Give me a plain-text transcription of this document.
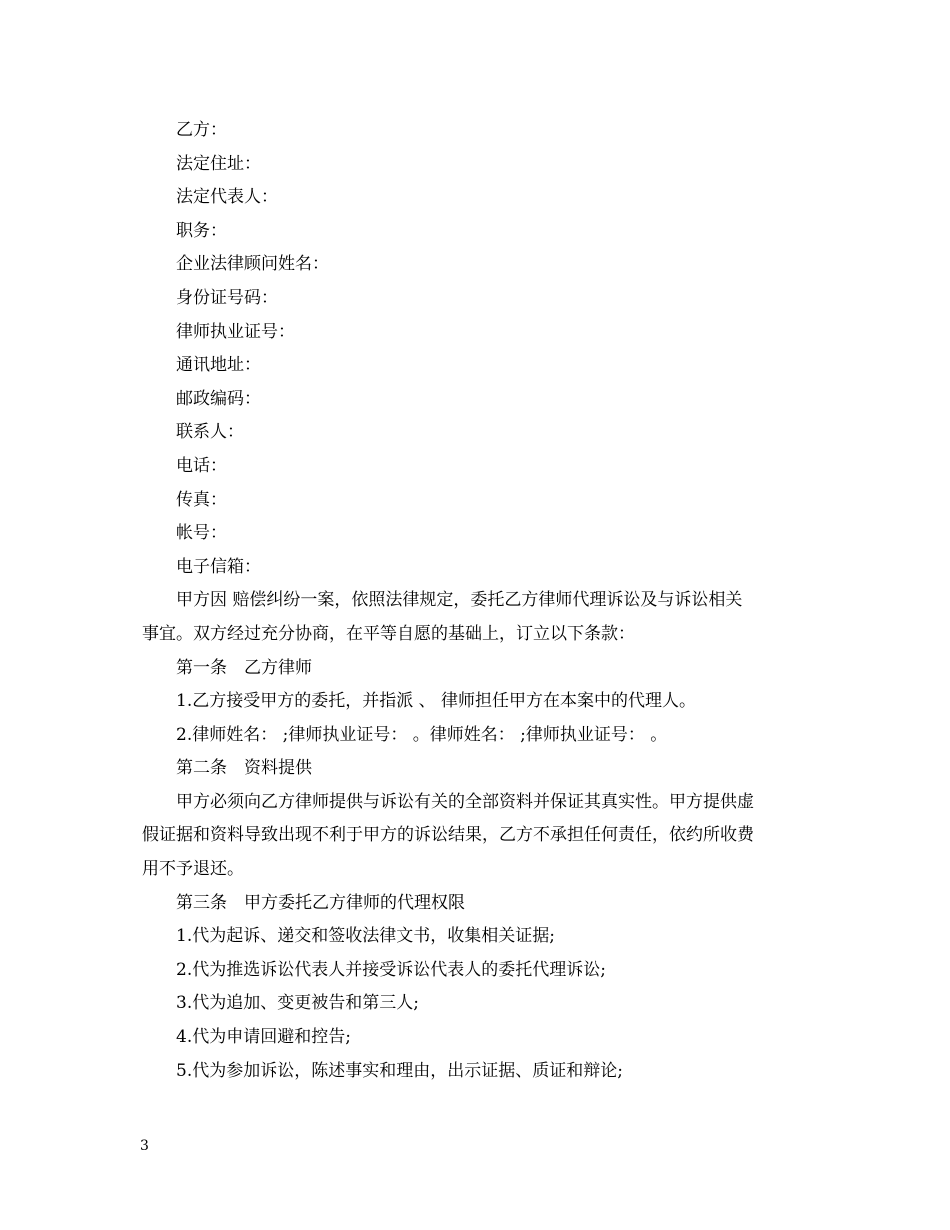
乙方：

法定住址：

法定代表人：

职务：

企业法律顾问姓名：

身份证号码：

律师执业证号：

通讯地址：

邮政编码：

联系人：

电话：

传真：

帐号：

电子信箱：

甲方因 赔偿纠纷一案，依照法律规定，委托乙方律师代理诉讼及与诉讼相关

事宜。双方经过充分协商，在平等自愿的基础上，订立以下条款：

第一条　乙方律师

1.乙方接受甲方的委托，并指派 、 律师担任甲方在本案中的代理人。

2.律师姓名： ;律师执业证号： 。律师姓名： ;律师执业证号： 。

第二条　资料提供

甲方必须向乙方律师提供与诉讼有关的全部资料并保证其真实性。甲方提供虚

假证据和资料导致出现不利于甲方的诉讼结果，乙方不承担任何责任，依约所收费

用不予退还。

第三条　甲方委托乙方律师的代理权限

1.代为起诉、递交和签收法律文书，收集相关证据;

2.代为推选诉讼代表人并接受诉讼代表人的委托代理诉讼;

3.代为追加、变更被告和第三人;

4.代为申请回避和控告;

5.代为参加诉讼，陈述事实和理由，出示证据、质证和辩论;

3
